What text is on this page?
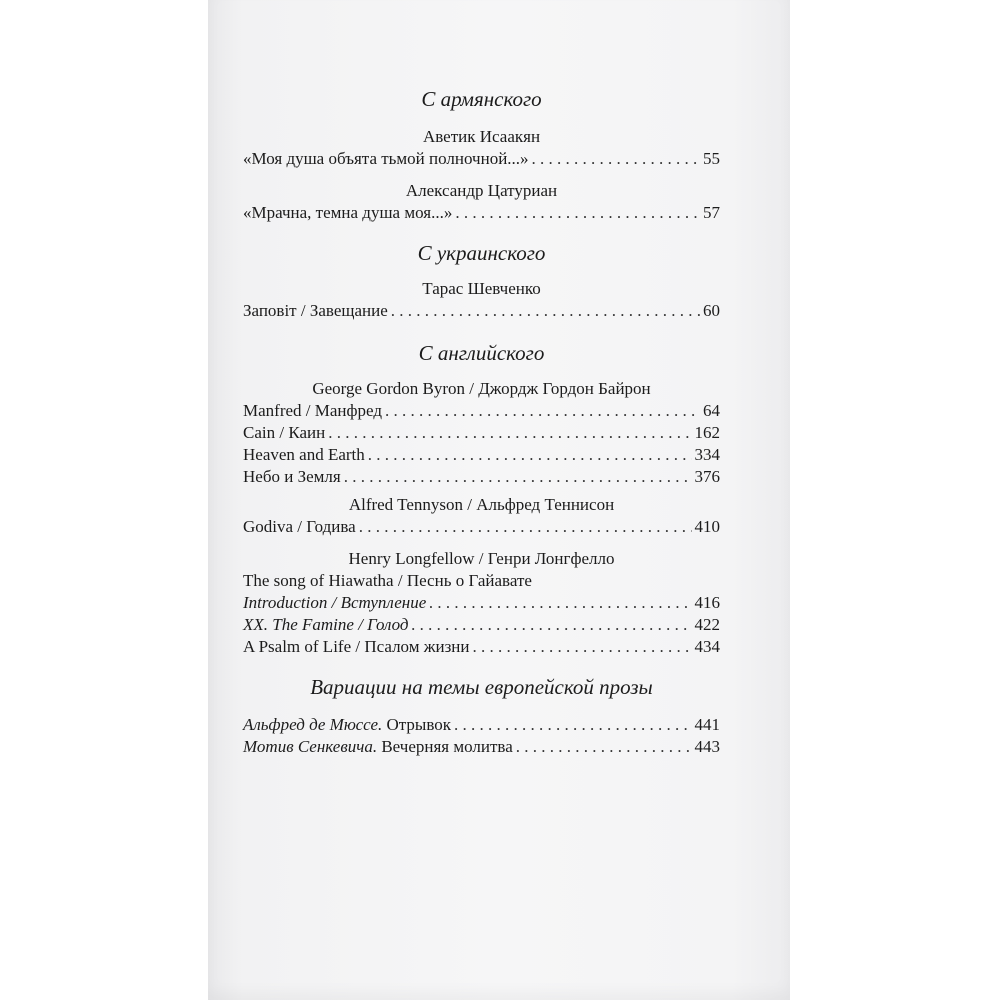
С армянского

Аветик Исаакян

«Моя душа объята тьмой полночной...» . . .	55

Александр Цатуриан

«Мрачна, темна душа моя...» . . .	57

С украинского

Тарас Шевченко

Заповiт / Завещание . . .	60

С английского

George Gordon Byron / Джордж Гордон Байрон

Manfred / Манфред . . .	64
Cain / Каин . . .	162
Heaven and Earth . . .	334
Небо и Земля . . .	376

Alfred Tennyson / Альфред Теннисон

Godiva / Годива . . .	410

Henry Longfellow / Генри Лонгфелло

The song of Hiawatha / Песнь о Гайавате

Introduction / Вступление . . .	416
XX. The Famine / Голод . . .	422
A Psalm of Life / Псалом жизни . . .	434

Вариации на темы европейской прозы

Альфред де Мюссе. Отрывок . . .	441
Мотив Сенкевича. Вечерняя молитва . . .	443
